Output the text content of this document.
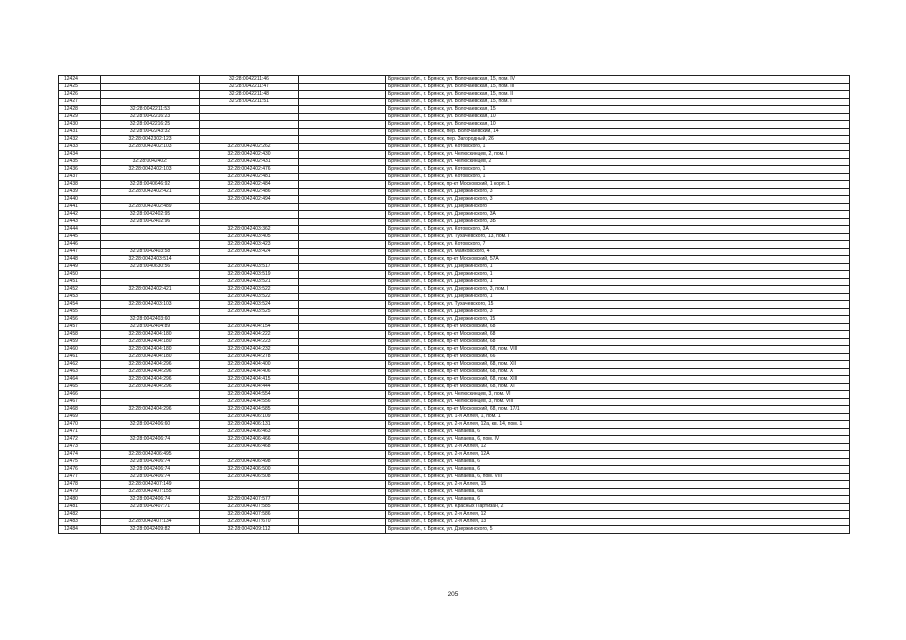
12424		32:28:0042211:46		Брянская обл., г. Брянск, ул. Волочаевская, 15, пом. IV
12425		32:28:0042211:47		Брянская обл., г. Брянск, ул. Волочаевская, 15, пом. III
12426		32:28:0042211:48		Брянская обл., г. Брянск, ул. Волочаевская, 15, пом. II
12427		32:28:0042211:51		Брянская обл., г. Брянск, ул. Волочаевская, 15, пом. I
12428	32:28:0042211:53			Брянская обл., г. Брянск, ул. Волочаевская, 15
12429	32:28:0042216:23			Брянская обл., г. Брянск, ул. Волочаевская, 10
12430	32:28:0042216:25			Брянская обл., г. Брянск, ул. Волочаевская, 10
12431	32:28:0042243:32			Брянская обл., г. Брянск, пер. Волочаевский, 14
12432	32:28:0042302:123			Брянская обл., г. Брянск, пер. Загородный, 26
12433	32:28:0042402:103	32:28:0042402:262		Брянская обл., г. Брянск, ул. Котовского, 1
12434		32:28:0042402:430		Брянская обл., г. Брянск, ул. Челюскинцев, 2, пом. I
12435	32:28:0042402:	32:28:0042402:431		Брянская обл., г. Брянск, ул. Челюскинцев, 2
12436	32:28:0042402:103	32:28:0042402:476		Брянская обл., г. Брянск, ул. Котовского, 1
12437		32:28:0042402:481		Брянская обл., г. Брянск, ул. Котовского, 1
12438	32:28:0040646:92	32:28:0042402:484		Брянская обл., г. Брянск, пр-кт Московский, 1 корп. 1
12439	32:28:0042402:421	32:28:0042402:486		Брянская обл., г. Брянск, ул. Дзержинского, 3
12440		32:28:0042402:494		Брянская обл., г. Брянск, ул. Дзержинского, 3
12441	32:28:0042402:489			Брянская обл., г. Брянск, ул. Дзержинского
12442	32:28:0042402:95			Брянская обл., г. Брянск, ул. Дзержинского, 3А
12443	32:28:0042402:96			Брянская обл., г. Брянск, ул. Дзержинского, 3Б
12444		32:28:0042403:362		Брянская обл., г. Брянск, ул. Котовского, 3А
12445		32:28:0042403:405		Брянская обл., г. Брянск, ул. Тухачевского, 13, пом. I
12446		32:28:0042403:423		Брянская обл., г. Брянск, ул. Котовского, 7
12447	32:28:0042403:58	32:28:0042403:424		Брянская обл., г. Брянск, ул. Маяковского, 4
12448	32:28:0042403:514			Брянская обл., г. Брянск, пр-кт Московский, 57А
12449	32:28:0040630:56	32:28:0042403:517		Брянская обл., г. Брянск, ул. Дзержинского, 1
12450		32:28:0042403:519		Брянская обл., г. Брянск, ул. Дзержинского, 1
12451		32:28:0042403:521		Брянская обл., г. Брянск, ул. Дзержинского, 1
12452	32:28:0042402:421	32:28:0042403:522		Брянская обл., г. Брянск, ул. Дзержинского, 3, пом. I
12453		32:28:0042403:522		Брянская обл., г. Брянск, ул. Дзержинского, 1
12454	32:28:0042403:103	32:28:0042403:524		Брянская обл., г. Брянск, ул. Тухачевского, 15
12455		32:28:0042403:525		Брянская обл., г. Брянск, ул. Дзержинского, 3
12456	32:28:0042403:60			Брянская обл., г. Брянск, ул. Дзержинского, 15
12457	32:28:0042404:89	32:28:0042404:154		Брянская обл., г. Брянск, пр-кт Московский, 68
12458	32:28:0042404:180	32:28:0042404:222		Брянская обл., г. Брянск, пр-кт Московский, 68
12459	32:28:0042404:180	32:28:0042404:223		Брянская обл., г. Брянск, пр-кт Московский, 68
12460	32:28:0042404:180	32:28:0042404:232		Брянская обл., г. Брянск, пр-кт Московский, 68, пом. VIII
12461	32:28:0042404:180	32:28:0042404:278		Брянская обл., г. Брянск, пр-кт Московский, 66
12462	32:28:0042404:296	32:28:0042404:400		Брянская обл., г. Брянск, пр-кт Московский, 68, пом. XII
12463	32:28:0042404:296	32:28:0042404:406		Брянская обл., г. Брянск, пр-кт Московский, 68, пом. X
12464	32:28:0042404:296	32:28:0042404:415		Брянская обл., г. Брянск, пр-кт Московский, 68, пом. XIII
12465	32:28:0042404:296	32:28:0042404:444		Брянская обл., г. Брянск, пр-кт Московский, 68, пом. XI
12466		32:28:0042404:554		Брянская обл., г. Брянск, ул. Челюскинцев, 3, пом. VI
12467		32:28:0042404:556		Брянская обл., г. Брянск, ул. Челюскинцев, 3, пом. VIII
12468	32:28:0042404:296	32:28:0042404:585		Брянская обл., г. Брянск, пр-кт Московский, 68, пом. 17/1
12469		32:28:0042406:109		Брянская обл., г. Брянск, ул. 1-я Аллея, 1, пом. 1
12470	32:28:0042406:60	32:28:0042406:131		Брянская обл., г. Брянск, ул. 2-я Аллея, 12а, кв. 14, пом. 1
12471		32:28:0042406:463		Брянская обл., г. Брянск, ул. Чапаева, 6
12472	32:28:0042406:74	32:28:0042406:466		Брянская обл., г. Брянск, ул. Чапаева, 6, пом. IV
12473		32:28:0042406:468		Брянская обл., г. Брянск, ул. 2-я Аллея, 12
12474	32:28:0042406:495			Брянская обл., г. Брянск, ул. 2-я Аллея, 12А
12475	32:28:0042406:74	32:28:0042406:498		Брянская обл., г. Брянск, ул. Чапаева, 6
12476	32:28:0042406:74	32:28:0042406:500		Брянская обл., г. Брянск, ул. Чапаева, 6
12477	32:28:0042406:74	32:28:0042406:508		Брянская обл., г. Брянск, ул. Чапаева, 6, пом. VIII
12478	32:28:0042407:149			Брянская обл., г. Брянск, ул. 2-я Аллея, 15
12479	32:28:0042407:155			Брянская обл., г. Брянск, ул. Чапаева, 6а
12480	32:28:0042406:74	32:28:0042407:577		Брянская обл., г. Брянск, ул. Чапаева, 6
12481	32:28:0042407:71	32:28:0042407:585		Брянская обл., г. Брянск, ул. Красных Партизан, 2
12482		32:28:0042407:586		Брянская обл., г. Брянск, ул. 2-я Аллея, 12
12483	32:28:0042407:134	32:28:0042407:670		Брянская обл., г. Брянск, ул. 2-я Аллея, 13
12484	32:28:0042409:82	32:28:0042409:112		Брянская обл., г. Брянск, ул. Дзержинского, 5
205
